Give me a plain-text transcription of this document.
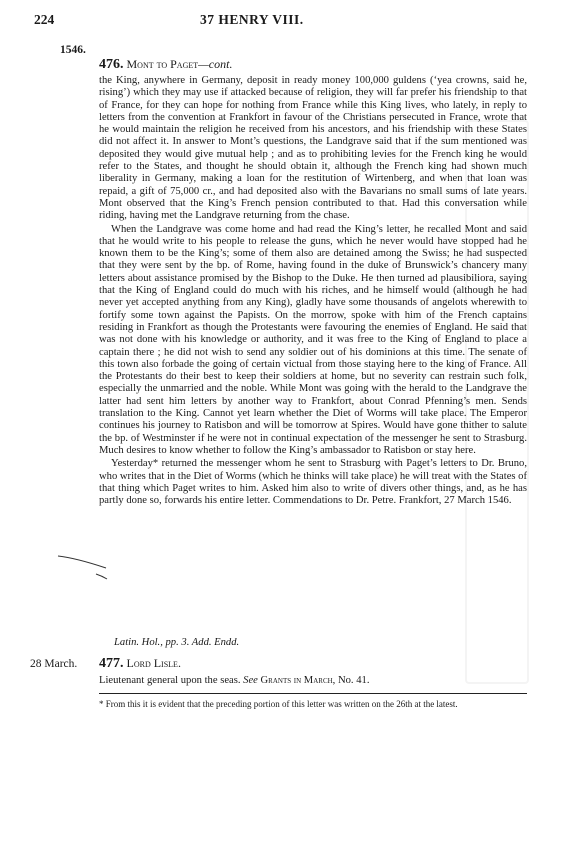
224	37 HENRY VIII.
1546.
476. Mont to Paget—cont.

the King, anywhere in Germany, deposit in ready money 100,000 guldens (‘yea crowns, said he, rising’) which they may use if attacked because of religion, they will far prefer his friendship to that of France, for they can hope for nothing from France while this King lives, who lately, in reply to letters from the convention at Frankfort in favour of the Christians persecuted in France, wrote that he would maintain the religion he received from his ancestors, and his friendship with these States did not affect it. In answer to Mont’s questions, the Landgrave said that if the sum mentioned was deposited they would give mutual help ; and as to prohibiting levies for the French king he would refer to the States, and thought he should obtain it, although the French king had shown much liberality in Germany, making a loan for the restitution of Wirtenberg, and when that loan was repaid, a gift of 75,000 cr., and had deposited also with the Bavarians no small sums of late years. Mont observed that the King’s French pension contributed to that. Had this conversation while riding, having met the Landgrave returning from the chase.

When the Landgrave was come home and had read the King’s letter, he recalled Mont and said that he would write to his people to release the guns, which he never would have stopped had he known them to be the King’s; some of them also are detained among the Swiss; he had suspected that they were sent by the bp. of Rome, having found in the duke of Brunswick’s chancery many letters about assistance promised by the Bishop to the Duke. He then turned ad plausibiliora, saying that the King of England could do much with his riches, and he himself would (although he had never yet accepted anything from any King), gladly have some thousands of angelots wherewith to fortify some town against the Papists. On the morrow, spoke with him of the French captains residing in Frankfort as though the Protestants were favouring the enemies of England. He said that was not done with his knowledge or authority, and it was free to the King of England to place a captain there ; he did not wish to send any soldier out of his dominions at this time. The senate of this town also forbade the going of certain victual from those staying here to the king of France. All the Protestants do their best to keep their soldiers at home, but no severity can restrain such folk, especially the unmarried and the noble. While Mont was going with the herald to the Landgrave the latter had sent him letters by another way to Frankfort, about Conrad Pfenning’s men. Sends translation to the King. Cannot yet learn whether the Diet of Worms will take place. The Emperor continues his journey to Ratisbon and will be tomorrow at Spires. Would have gone thither to salute the bp. of Westminster if he were not in continual expectation of the messenger he sent to Strasburg. Much desires to know whether to follow the King’s ambassador to Ratisbon or stay here.

Yesterday* returned the messenger whom he sent to Strasburg with Paget’s letters to Dr. Bruno, who writes that in the Diet of Worms (which he thinks will take place) he will treat with the States of that thing which Paget writes to him. Asked him also to write of divers other things, and, as he has partly done so, forwards his entire letter. Commendations to Dr. Petre. Frankfort, 27 March 1546.

Latin. Hol., pp. 3. Add. Endd.
28 March. 477. Lord Lisle.
Lieutenant general upon the seas. See Grants in March, No. 41.
* From this it is evident that the preceding portion of this letter was written on the 26th at the latest.
